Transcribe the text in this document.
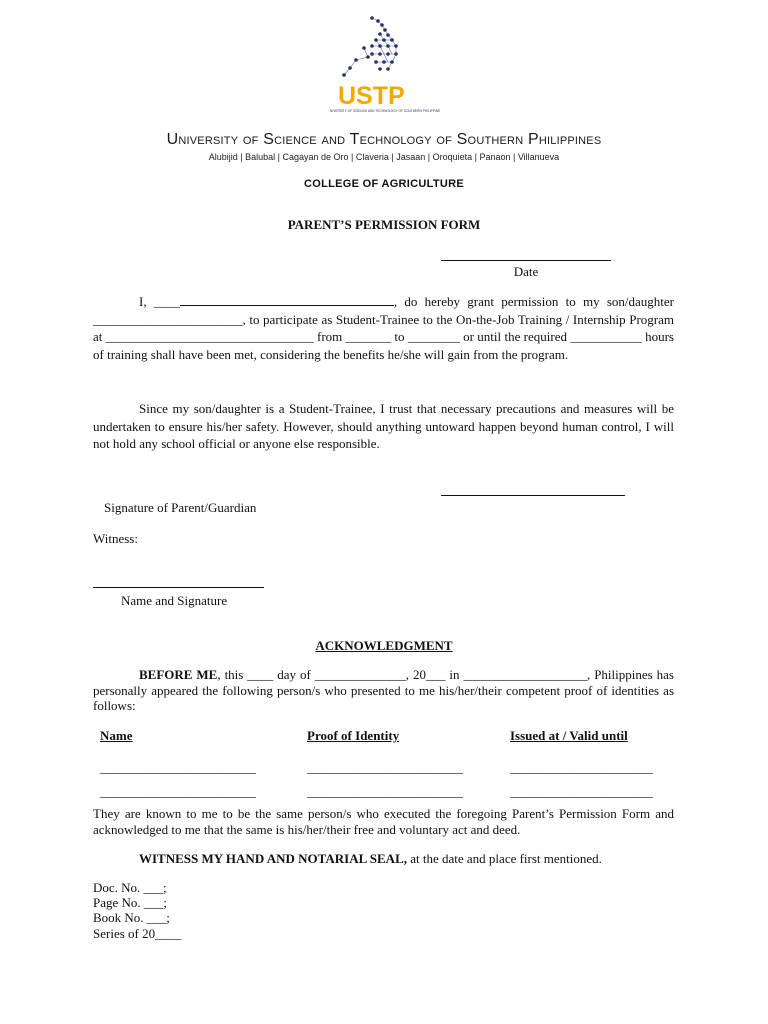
USTP
UNIVERSITY OF SCIENCE AND TECHNOLOGY OF SOUTHERN PHILIPPINES
University of Science and Technology of Southern Philippines
Alubijid | Balubal | Cagayan de Oro | Claveria | Jasaan | Oroquieta | Panaon | Villanueva
COLLEGE OF AGRICULTURE
PARENT’S PERMISSION FORM
Date
I, ____	, do hereby grant permission to my son/daughter _______________________, to participate as Student-Trainee to the On-the-Job Training / Internship Program at ________________________________ from _______ to ________ or until the required ___________ hours of training shall have been met, considering the benefits he/she will gain from the program.
Since my son/daughter is a Student-Trainee, I trust that necessary precautions and measures will be undertaken to ensure his/her safety. However, should anything untoward happen beyond human control, I will not hold any school official or anyone else responsible.
Signature of Parent/Guardian
Witness:
Name and Signature
ACKNOWLEDGMENT
BEFORE ME, this ____ day of ______________, 20___ in ___________________, Philippines has personally appeared the following person/s who presented to me his/her/their competent proof of identities as follows:
Name	Proof of Identity	Issued at / Valid until
________________________	________________________	______________________
________________________	________________________	______________________
They are known to me to be the same person/s who executed the foregoing Parent’s Permission Form and acknowledged to me that the same is his/her/their free and voluntary act and deed.
WITNESS MY HAND AND NOTARIAL SEAL, at the date and place first mentioned.
Doc. No. ___;
Page No. ___;
Book No. ___;
Series of 20____
